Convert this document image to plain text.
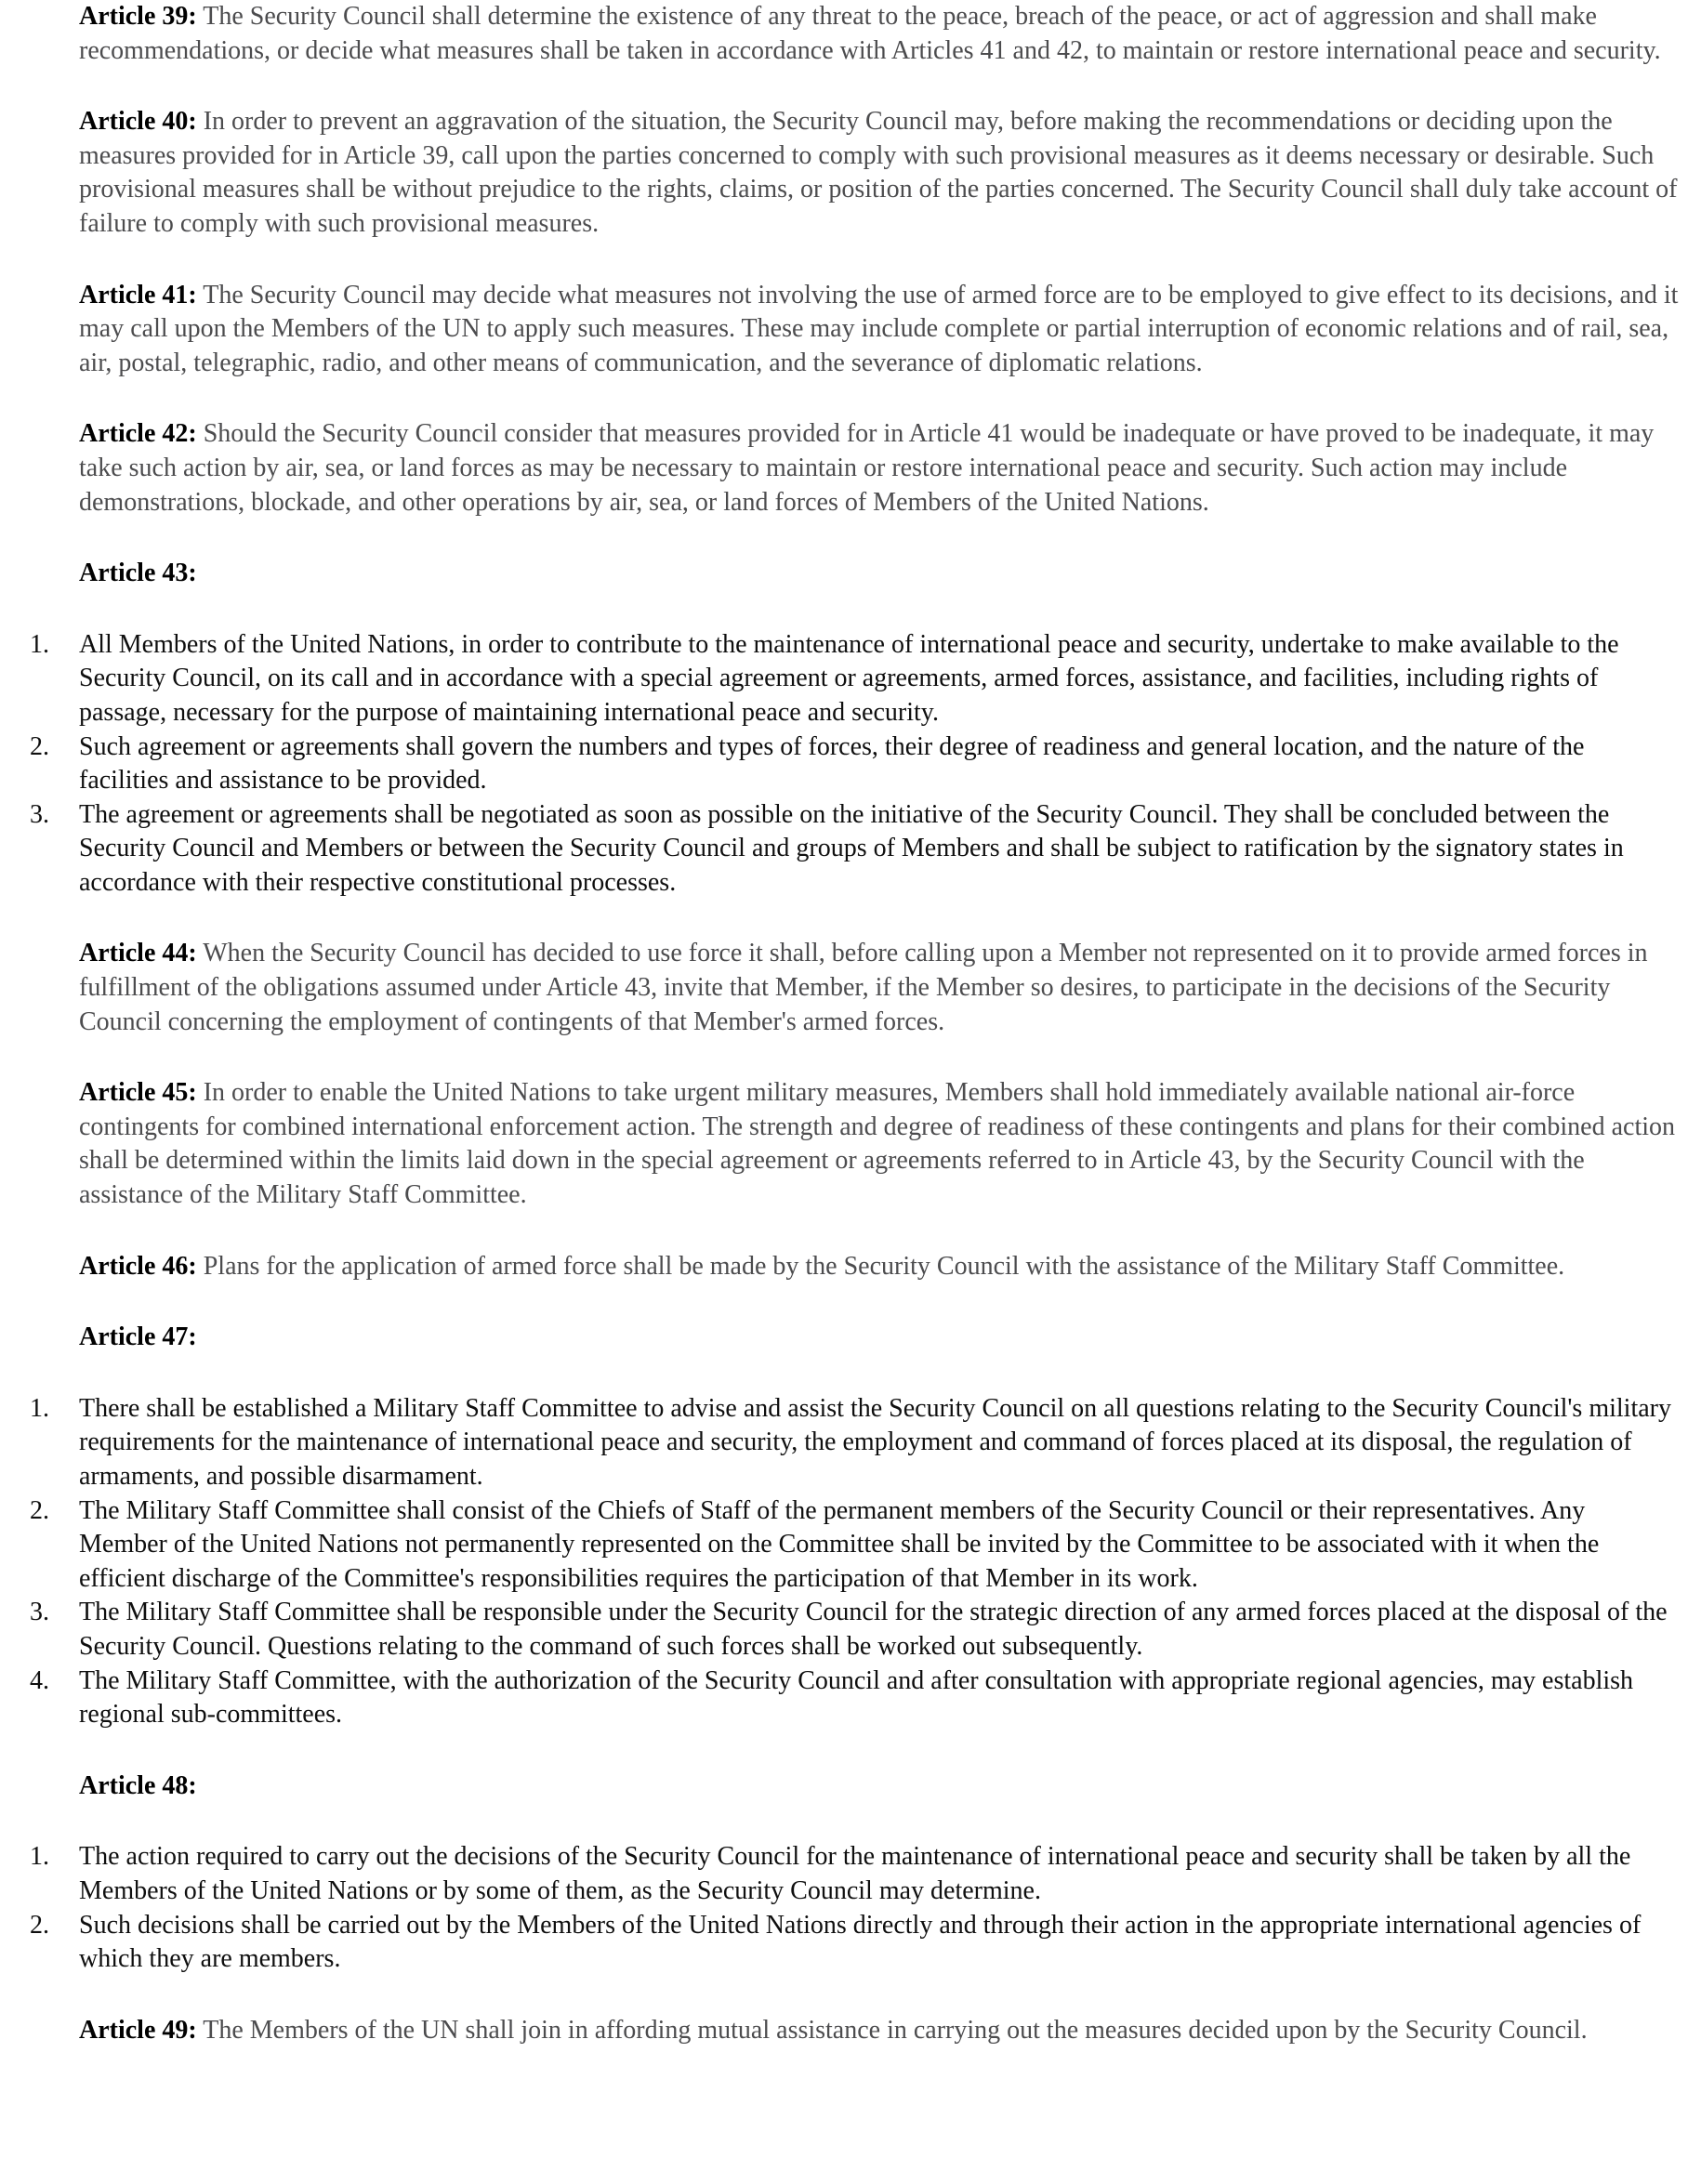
Article 39: The Security Council shall determine the existence of any threat to the peace, breach of the peace, or act of aggression and shall make recommendations, or decide what measures shall be taken in accordance with Articles 41 and 42, to maintain or restore international peace and security.

Article 40: In order to prevent an aggravation of the situation, the Security Council may, before making the recommendations or deciding upon the measures provided for in Article 39, call upon the parties concerned to comply with such provisional measures as it deems necessary or desirable. Such provisional measures shall be without prejudice to the rights, claims, or position of the parties concerned. The Security Council shall duly take account of failure to comply with such provisional measures.

Article 41: The Security Council may decide what measures not involving the use of armed force are to be employed to give effect to its decisions, and it may call upon the Members of the UN to apply such measures. These may include complete or partial interruption of economic relations and of rail, sea, air, postal, telegraphic, radio, and other means of communication, and the severance of diplomatic relations.

Article 42: Should the Security Council consider that measures provided for in Article 41 would be inadequate or have proved to be inadequate, it may take such action by air, sea, or land forces as may be necessary to maintain or restore international peace and security. Such action may include demonstrations, blockade, and other operations by air, sea, or land forces of Members of the United Nations.

Article 43:

1.	All Members of the United Nations, in order to contribute to the maintenance of international peace and security, undertake to make available to the Security Council, on its call and in accordance with a special agreement or agreements, armed forces, assistance, and facilities, including rights of passage, necessary for the purpose of maintaining international peace and security.
2.	Such agreement or agreements shall govern the numbers and types of forces, their degree of readiness and general location, and the nature of the facilities and assistance to be provided.
3.	The agreement or agreements shall be negotiated as soon as possible on the initiative of the Security Council. They shall be concluded between the Security Council and Members or between the Security Council and groups of Members and shall be subject to ratification by the signatory states in accordance with their respective constitutional processes.

Article 44: When the Security Council has decided to use force it shall, before calling upon a Member not represented on it to provide armed forces in fulfillment of the obligations assumed under Article 43, invite that Member, if the Member so desires, to participate in the decisions of the Security Council concerning the employment of contingents of that Member's armed forces.

Article 45: In order to enable the United Nations to take urgent military measures, Members shall hold immediately available national air-force contingents for combined international enforcement action. The strength and degree of readiness of these contingents and plans for their combined action shall be determined within the limits laid down in the special agreement or agreements referred to in Article 43, by the Security Council with the assistance of the Military Staff Committee.

Article 46: Plans for the application of armed force shall be made by the Security Council with the assistance of the Military Staff Committee.

Article 47:

1.	There shall be established a Military Staff Committee to advise and assist the Security Council on all questions relating to the Security Council's military requirements for the maintenance of international peace and security, the employment and command of forces placed at its disposal, the regulation of armaments, and possible disarmament.
2.	The Military Staff Committee shall consist of the Chiefs of Staff of the permanent members of the Security Council or their representatives. Any Member of the United Nations not permanently represented on the Committee shall be invited by the Committee to be associated with it when the efficient discharge of the Committee's responsibilities requires the participation of that Member in its work.
3.	The Military Staff Committee shall be responsible under the Security Council for the strategic direction of any armed forces placed at the disposal of the Security Council. Questions relating to the command of such forces shall be worked out subsequently.
4.	The Military Staff Committee, with the authorization of the Security Council and after consultation with appropriate regional agencies, may establish regional sub-committees.

Article 48:

1.	The action required to carry out the decisions of the Security Council for the maintenance of international peace and security shall be taken by all the Members of the United Nations or by some of them, as the Security Council may determine.
2.	Such decisions shall be carried out by the Members of the United Nations directly and through their action in the appropriate international agencies of which they are members.

Article 49: The Members of the UN shall join in affording mutual assistance in carrying out the measures decided upon by the Security Council.
